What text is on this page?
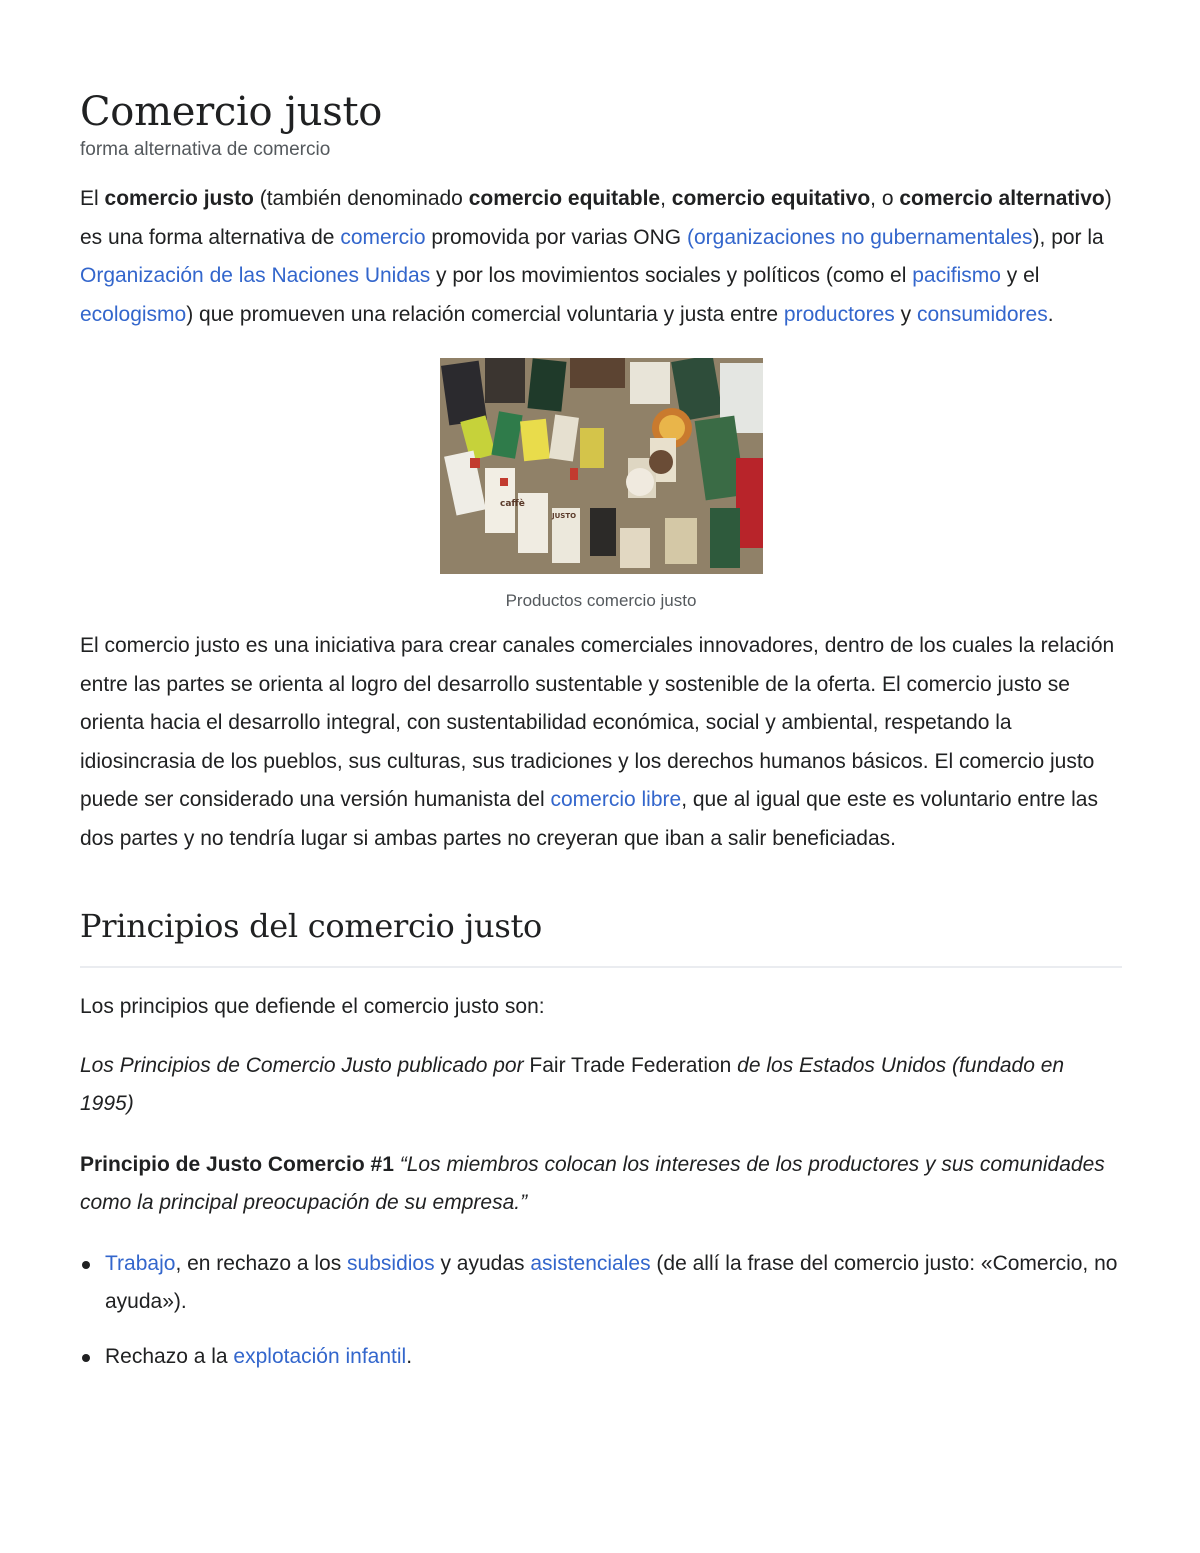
Comercio justo
forma alternativa de comercio

El comercio justo (también denominado comercio equitable, comercio equitativo, o comercio alternativo) es una forma alternativa de comercio promovida por varias ONG (organizaciones no gubernamentales), por la Organización de las Naciones Unidas y por los movimientos sociales y políticos (como el pacifismo y el ecologismo) que promueven una relación comercial voluntaria y justa entre productores y consumidores.

caffè
JUSTO
Productos comercio justo

El comercio justo es una iniciativa para crear canales comerciales innovadores, dentro de los cuales la relación entre las partes se orienta al logro del desarrollo sustentable y sostenible de la oferta. El comercio justo se orienta hacia el desarrollo integral, con sustentabilidad económica, social y ambiental, respetando la idiosincrasia de los pueblos, sus culturas, sus tradiciones y los derechos humanos básicos. El comercio justo puede ser considerado una versión humanista del comercio libre, que al igual que este es voluntario entre las dos partes y no tendría lugar si ambas partes no creyeran que iban a salir beneficiadas.

Principios del comercio justo

Los principios que defiende el comercio justo son:

Los Principios de Comercio Justo publicado por Fair Trade Federation de los Estados Unidos (fundado en 1995)

Principio de Justo Comercio #1 “Los miembros colocan los intereses de los productores y sus comunidades como la principal preocupación de su empresa.”

Trabajo, en rechazo a los subsidios y ayudas asistenciales (de allí la frase del comercio justo: «Comercio, no ayuda»).
Rechazo a la explotación infantil.
